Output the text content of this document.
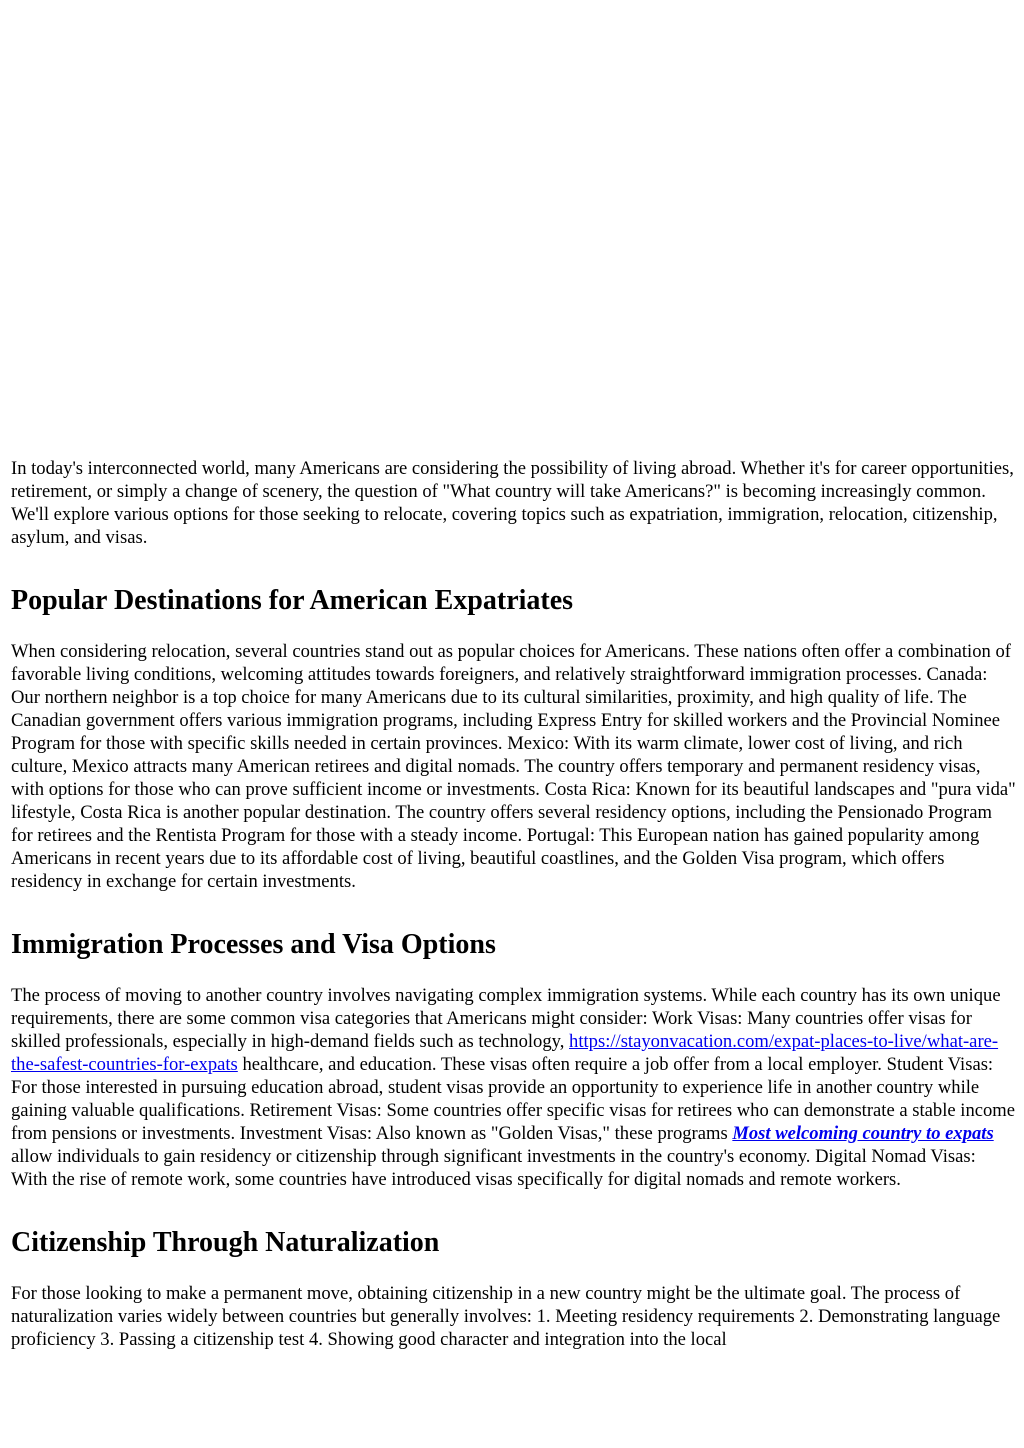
In today's interconnected world, many Americans are considering the possibility of living abroad. Whether it's for career opportunities, retirement, or simply a change of scenery, the question of "What country will take Americans?" is becoming increasingly common. We'll explore various options for those seeking to relocate, covering topics such as expatriation, immigration, relocation, citizenship, asylum, and visas.

Popular Destinations for American Expatriates

When considering relocation, several countries stand out as popular choices for Americans. These nations often offer a combination of favorable living conditions, welcoming attitudes towards foreigners, and relatively straightforward immigration processes. Canada: Our northern neighbor is a top choice for many Americans due to its cultural similarities, proximity, and high quality of life. The Canadian government offers various immigration programs, including Express Entry for skilled workers and the Provincial Nominee Program for those with specific skills needed in certain provinces. Mexico: With its warm climate, lower cost of living, and rich culture, Mexico attracts many American retirees and digital nomads. The country offers temporary and permanent residency visas, with options for those who can prove sufficient income or investments. Costa Rica: Known for its beautiful landscapes and "pura vida" lifestyle, Costa Rica is another popular destination. The country offers several residency options, including the Pensionado Program for retirees and the Rentista Program for those with a steady income. Portugal: This European nation has gained popularity among Americans in recent years due to its affordable cost of living, beautiful coastlines, and the Golden Visa program, which offers residency in exchange for certain investments.

Immigration Processes and Visa Options

The process of moving to another country involves navigating complex immigration systems. While each country has its own unique requirements, there are some common visa categories that Americans might consider: Work Visas: Many countries offer visas for skilled professionals, especially in high-demand fields such as technology, https://stayonvacation.com/expat-places-to-live/what-are-the-safest-countries-for-expats healthcare, and education. These visas often require a job offer from a local employer. Student Visas: For those interested in pursuing education abroad, student visas provide an opportunity to experience life in another country while gaining valuable qualifications. Retirement Visas: Some countries offer specific visas for retirees who can demonstrate a stable income from pensions or investments. Investment Visas: Also known as "Golden Visas," these programs Most welcoming country to expats allow individuals to gain residency or citizenship through significant investments in the country's economy. Digital Nomad Visas: With the rise of remote work, some countries have introduced visas specifically for digital nomads and remote workers.

Citizenship Through Naturalization

For those looking to make a permanent move, obtaining citizenship in a new country might be the ultimate goal. The process of naturalization varies widely between countries but generally involves: 1. Meeting residency requirements 2. Demonstrating language proficiency 3. Passing a citizenship test 4. Showing good character and integration into the local
